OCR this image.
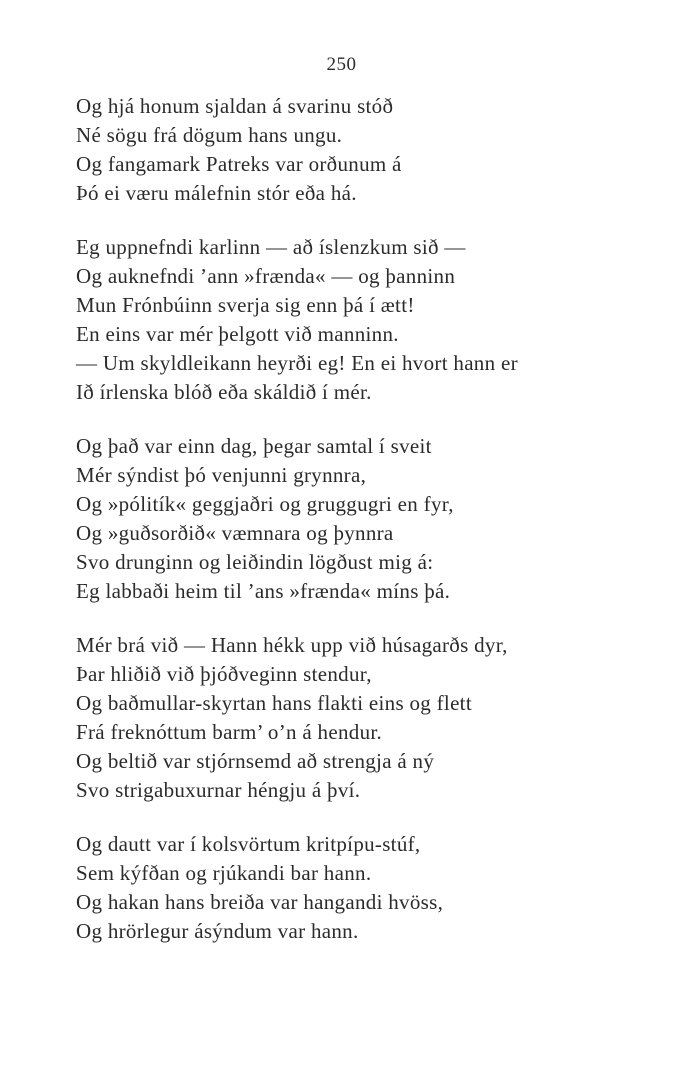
250
Og hjá honum sjaldan á svarinu stóð
Né sögu frá dögum hans ungu.
Og fangamark Patreks var orðunum á
Þó ei væru málefnin stór eða há.
Eg uppnefndi karlinn — að íslenzkum sið —
Og auknefndi ’ann »frænda« — og þanninn
Mun Frónbúinn sverja sig enn þá í ætt!
En eins var mér þelgott við manninn.
— Um skyldleikann heyrði eg! En ei hvort hann er
Ið írlenska blóð eða skáldið í mér.
Og það var einn dag, þegar samtal í sveit
Mér sýndist þó venjunni grynnra,
Og »pólitík« geggjaðri og gruggugri en fyr,
Og »guðsorðið« væmnara og þynnra
Svo drunginn og leiðindin lögðust mig á:
Eg labbaði heim til ’ans »frænda« míns þá.
Mér brá við — Hann hékk upp við húsagarðs dyr,
Þar hliðið við þjóðveginn stendur,
Og baðmullar-skyrtan hans flakti eins og flett
Frá freknóttum barm’ o’n á hendur.
Og beltið var stjórnsemd að strengja á ný
Svo strigabuxurnar héngju á því.
Og dautt var í kolsvörtum kritpípu-stúf,
Sem kýfðan og rjúkandi bar hann.
Og hakan hans breiða var hangandi hvöss,
Og hrörlegur ásýndum var hann.
